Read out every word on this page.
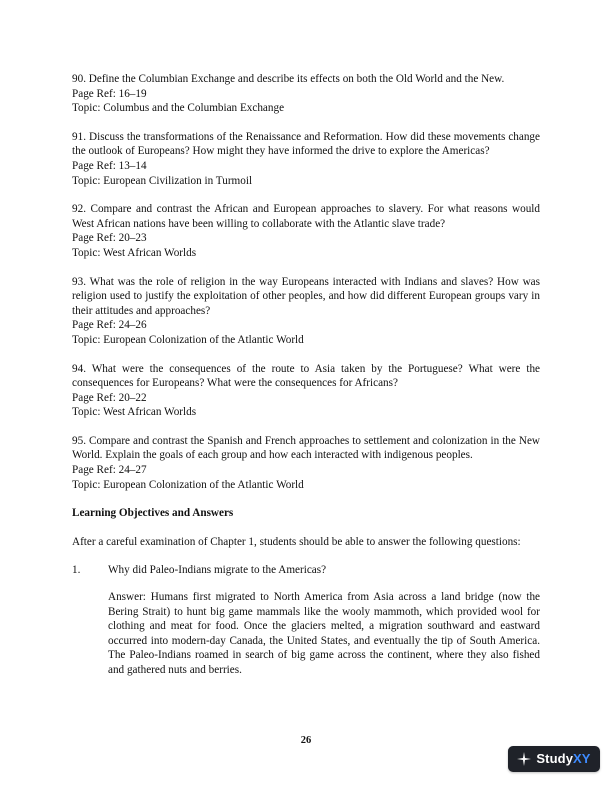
90. Define the Columbian Exchange and describe its effects on both the Old World and the New.

Page Ref: 16–19

Topic: Columbus and the Columbian Exchange

91. Discuss the transformations of the Renaissance and Reformation. How did these movements change the outlook of Europeans? How might they have informed the drive to explore the Americas?

Page Ref: 13–14

Topic: European Civilization in Turmoil

92. Compare and contrast the African and European approaches to slavery. For what reasons would West African nations have been willing to collaborate with the Atlantic slave trade?

Page Ref: 20–23

Topic: West African Worlds

93. What was the role of religion in the way Europeans interacted with Indians and slaves? How was religion used to justify the exploitation of other peoples, and how did different European groups vary in their attitudes and approaches?

Page Ref: 24–26

Topic: European Colonization of the Atlantic World

94. What were the consequences of the route to Asia taken by the Portuguese? What were the consequences for Europeans? What were the consequences for Africans?

Page Ref: 20–22

Topic: West African Worlds

95. Compare and contrast the Spanish and French approaches to settlement and colonization in the New World. Explain the goals of each group and how each interacted with indigenous peoples.

Page Ref: 24–27

Topic: European Colonization of the Atlantic World

Learning Objectives and Answers

After a careful examination of Chapter 1, students should be able to answer the following questions:

1.	Why did Paleo-Indians migrate to the Americas?

Answer: Humans first migrated to North America from Asia across a land bridge (now the Bering Strait) to hunt big game mammals like the wooly mammoth, which provided wool for clothing and meat for food. Once the glaciers melted, a migration southward and eastward occurred into modern-day Canada, the United States, and eventually the tip of South America. The Paleo-Indians roamed in search of big game across the continent, where they also fished and gathered nuts and berries.

26
StudyXY
